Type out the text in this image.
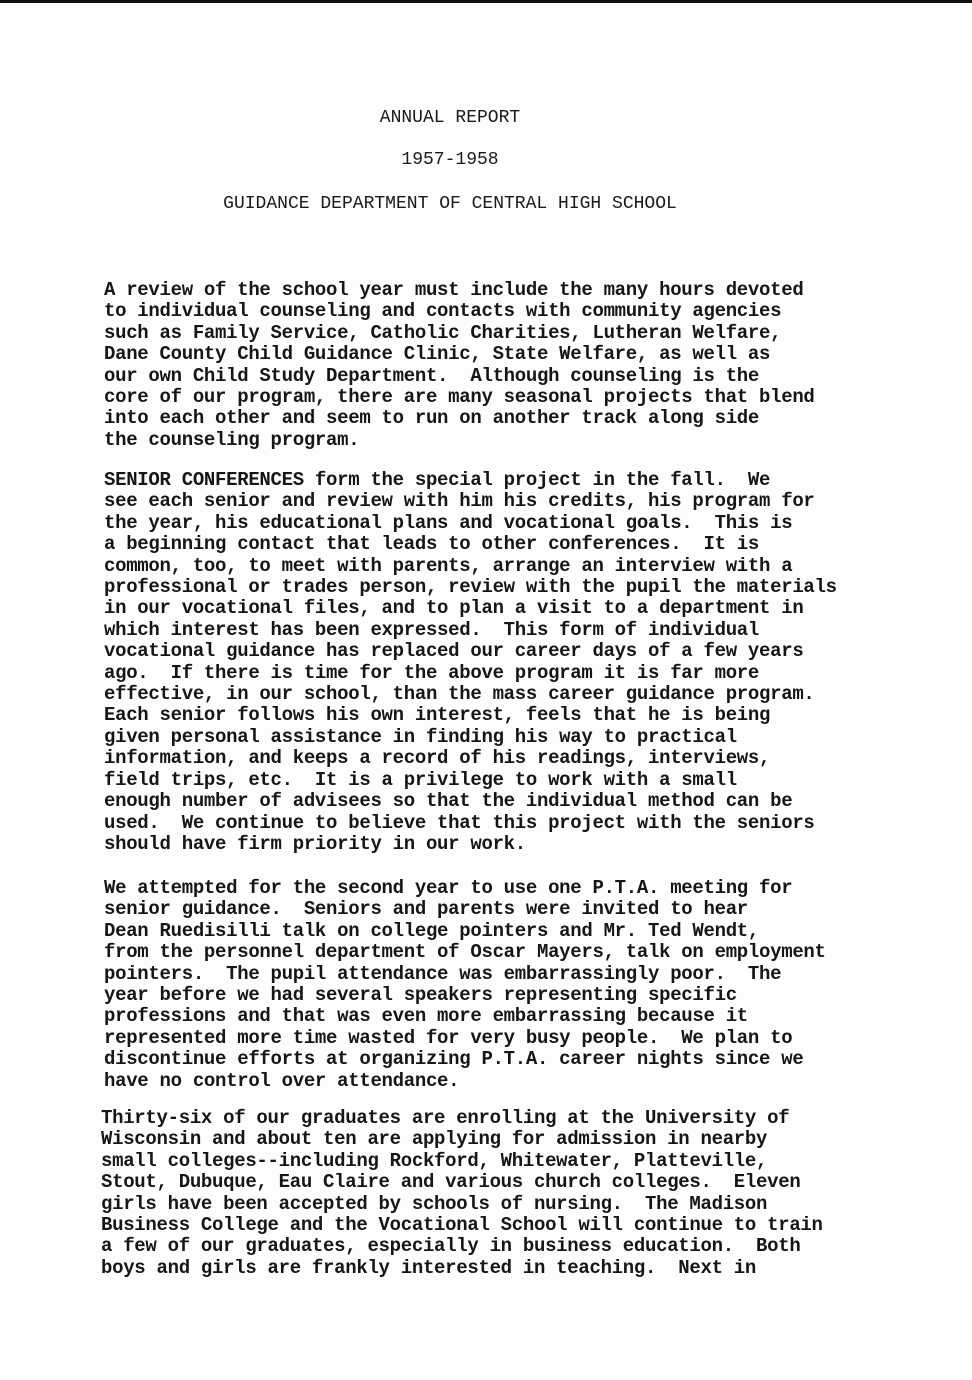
ANNUAL REPORT
1957-1958
GUIDANCE DEPARTMENT OF CENTRAL HIGH SCHOOL
A review of the school year must include the many hours devoted
to individual counseling and contacts with community agencies
such as Family Service, Catholic Charities, Lutheran Welfare,
Dane County Child Guidance Clinic, State Welfare, as well as
our own Child Study Department.  Although counseling is the
core of our program, there are many seasonal projects that blend
into each other and seem to run on another track along side
the counseling program.
SENIOR CONFERENCES form the special project in the fall.  We
see each senior and review with him his credits, his program for
the year, his educational plans and vocational goals.  This is
a beginning contact that leads to other conferences.  It is
common, too, to meet with parents, arrange an interview with a
professional or trades person, review with the pupil the materials
in our vocational files, and to plan a visit to a department in
which interest has been expressed.  This form of individual
vocational guidance has replaced our career days of a few years
ago.  If there is time for the above program it is far more
effective, in our school, than the mass career guidance program.
Each senior follows his own interest, feels that he is being
given personal assistance in finding his way to practical
information, and keeps a record of his readings, interviews,
field trips, etc.  It is a privilege to work with a small
enough number of advisees so that the individual method can be
used.  We continue to believe that this project with the seniors
should have firm priority in our work.
We attempted for the second year to use one P.T.A. meeting for
senior guidance.  Seniors and parents were invited to hear
Dean Ruedisilli talk on college pointers and Mr. Ted Wendt,
from the personnel department of Oscar Mayers, talk on employment
pointers.  The pupil attendance was embarrassingly poor.  The
year before we had several speakers representing specific
professions and that was even more embarrassing because it
represented more time wasted for very busy people.  We plan to
discontinue efforts at organizing P.T.A. career nights since we
have no control over attendance.
Thirty-six of our graduates are enrolling at the University of
Wisconsin and about ten are applying for admission in nearby
small colleges--including Rockford, Whitewater, Platteville,
Stout, Dubuque, Eau Claire and various church colleges.  Eleven
girls have been accepted by schools of nursing.  The Madison
Business College and the Vocational School will continue to train
a few of our graduates, especially in business education.  Both
boys and girls are frankly interested in teaching.  Next in
